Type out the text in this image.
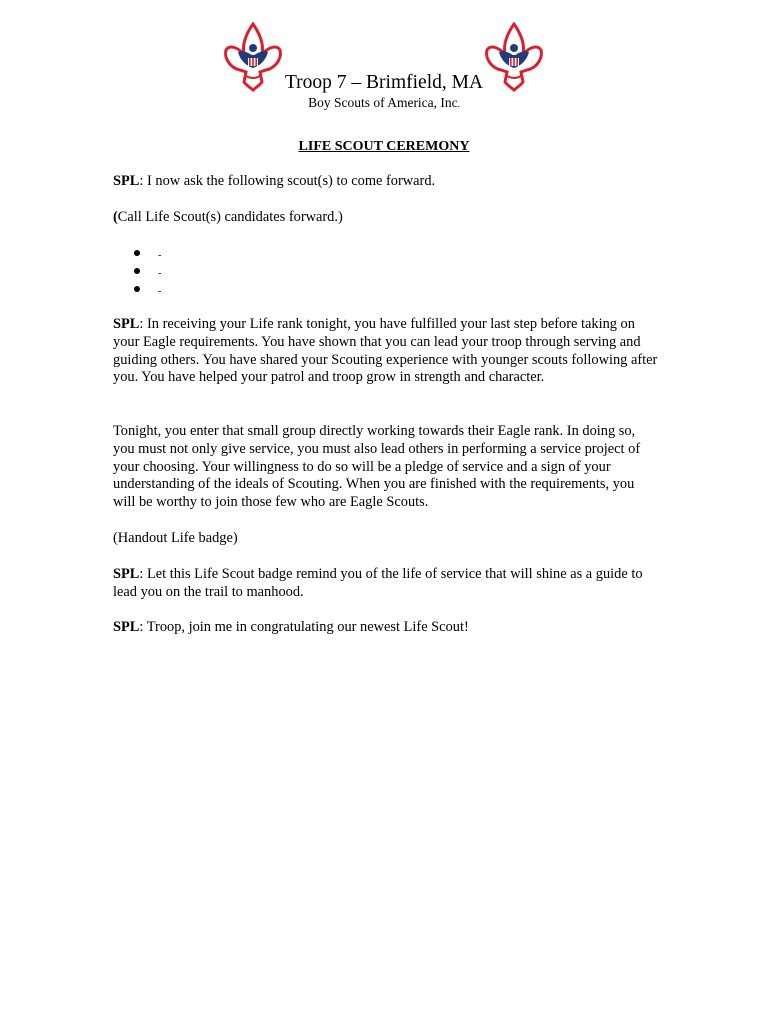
Troop 7 – Brimfield, MA
Boy Scouts of America, Inc.
LIFE SCOUT CEREMONY
SPL: I now ask the following scout(s) to come forward.
(Call Life Scout(s) candidates forward.)
-
-
-
SPL: In receiving your Life rank tonight, you have fulfilled your last step before taking on your Eagle requirements. You have shown that you can lead your troop through serving and guiding others. You have shared your Scouting experience with younger scouts following after you. You have helped your patrol and troop grow in strength and character.
Tonight, you enter that small group directly working towards their Eagle rank. In doing so, you must not only give service, you must also lead others in performing a service project of your choosing. Your willingness to do so will be a pledge of service and a sign of your understanding of the ideals of Scouting. When you are finished with the requirements, you will be worthy to join those few who are Eagle Scouts.
(Handout Life badge)
SPL: Let this Life Scout badge remind you of the life of service that will shine as a guide to lead you on the trail to manhood.
SPL: Troop, join me in congratulating our newest Life Scout!
